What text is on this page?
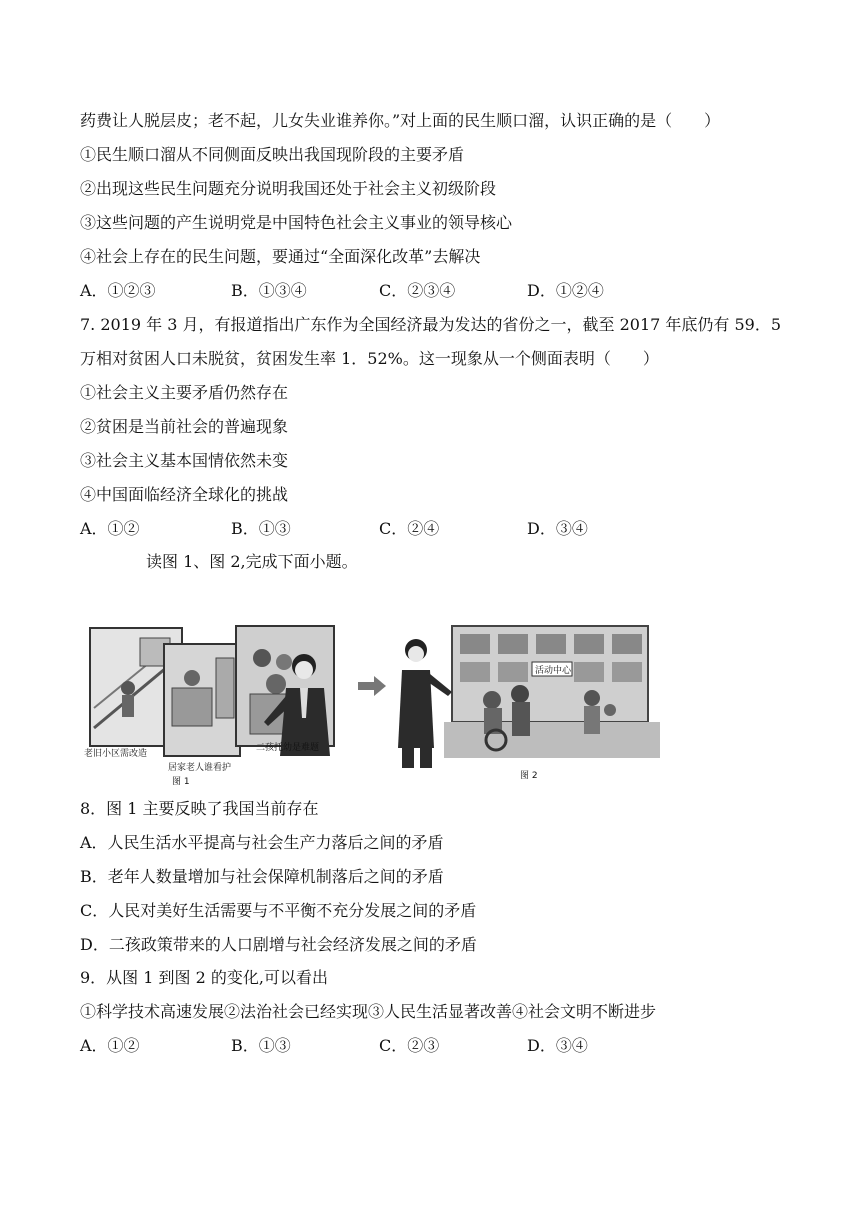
药费让人脱层皮；老不起，儿女失业谁养你。”对上面的民生顺口溜，认识正确的是（　　）
①民生顺口溜从不同侧面反映出我国现阶段的主要矛盾
②出现这些民生问题充分说明我国还处于社会主义初级阶段
③这些问题的产生说明党是中国特色社会主义事业的领导核心
④社会上存在的民生问题，要通过“全面深化改革”去解决
A．①②③	B．①③④	C．②③④	D．①②④
7. 2019 年 3 月，有报道指出广东作为全国经济最为发达的省份之一，截至 2017 年底仍有 59．5
万相对贫困人口未脱贫，贫困发生率 1．52%。这一现象从一个侧面表明（　　）
①社会主义主要矛盾仍然存在
②贫困是当前社会的普遍现象
③社会主义基本国情依然未变
④中国面临经济全球化的挑战
A．①②	B．①③	C．②④	D．③④
读图 1、图 2,完成下面小题。
老旧小区需改造
居家老人谁看护
二孩托幼是难题
图 1
活动中心
图 2
8．图 1 主要反映了我国当前存在
A．人民生活水平提高与社会生产力落后之间的矛盾
B．老年人数量增加与社会保障机制落后之间的矛盾
C．人民对美好生活需要与不平衡不充分发展之间的矛盾
D．二孩政策带来的人口剧增与社会经济发展之间的矛盾
9．从图 1 到图 2 的变化,可以看出
①科学技术高速发展②法治社会已经实现③人民生活显著改善④社会文明不断进步
A．①②	B．①③	C．②③	D．③④
